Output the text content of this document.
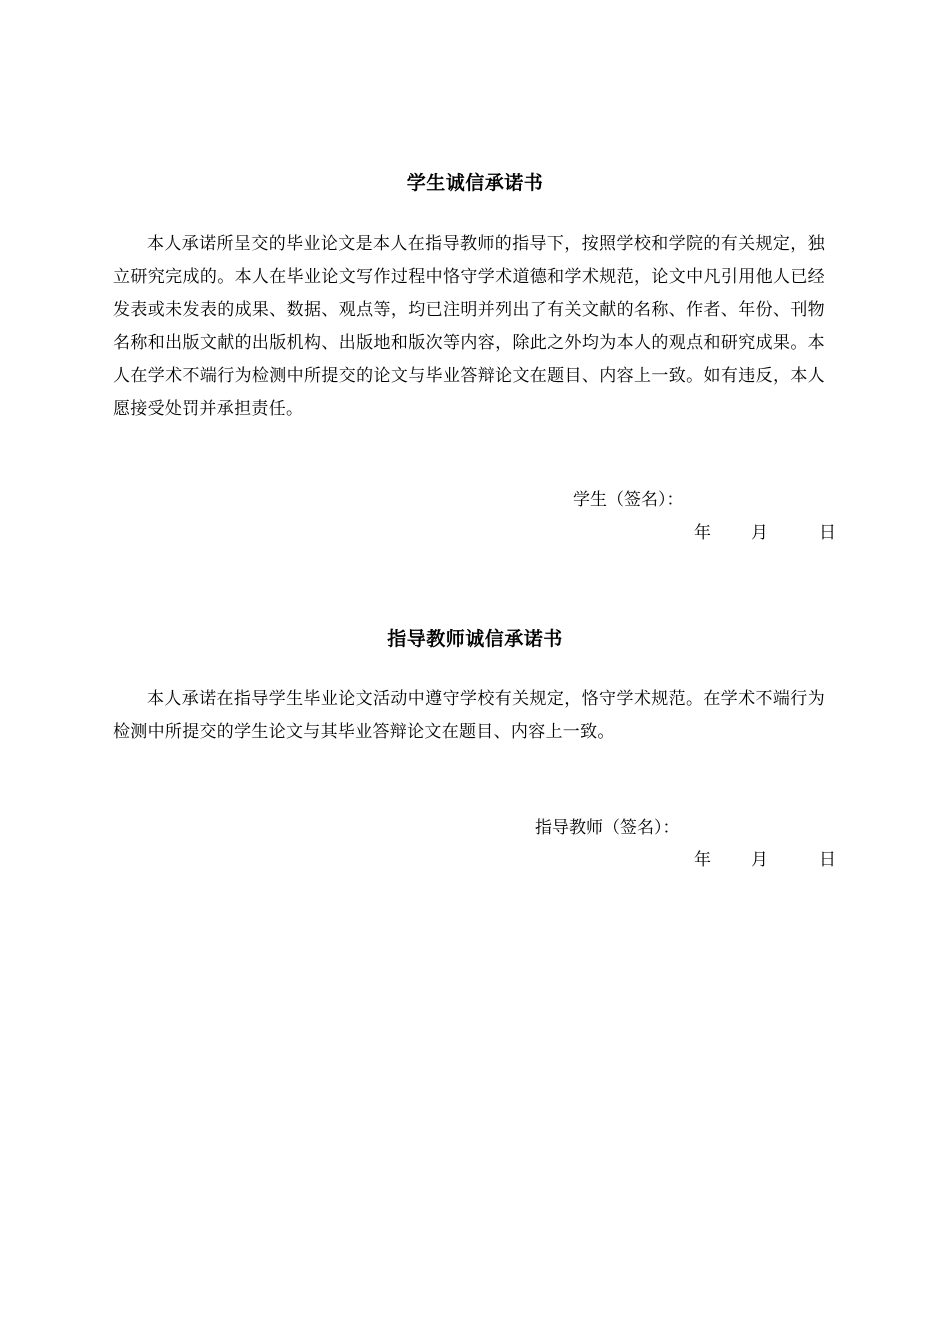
学生诚信承诺书

本人承诺所呈交的毕业论文是本人在指导教师的指导下，按照学校和学院的有关规定，独立研究完成的。本人在毕业论文写作过程中恪守学术道德和学术规范，论文中凡引用他人已经发表或未发表的成果、数据、观点等，均已注明并列出了有关文献的名称、作者、年份、刊物名称和出版文献的出版机构、出版地和版次等内容，除此之外均为本人的观点和研究成果。本人在学术不端行为检测中所提交的论文与毕业答辩论文在题目、内容上一致。如有违反，本人愿接受处罚并承担责任。

学生（签名）：
年 月	日
指导教师诚信承诺书

本人承诺在指导学生毕业论文活动中遵守学校有关规定，恪守学术规范。在学术不端行为检测中所提交的学生论文与其毕业答辩论文在题目、内容上一致。

指导教师（签名）：
年 月	日
